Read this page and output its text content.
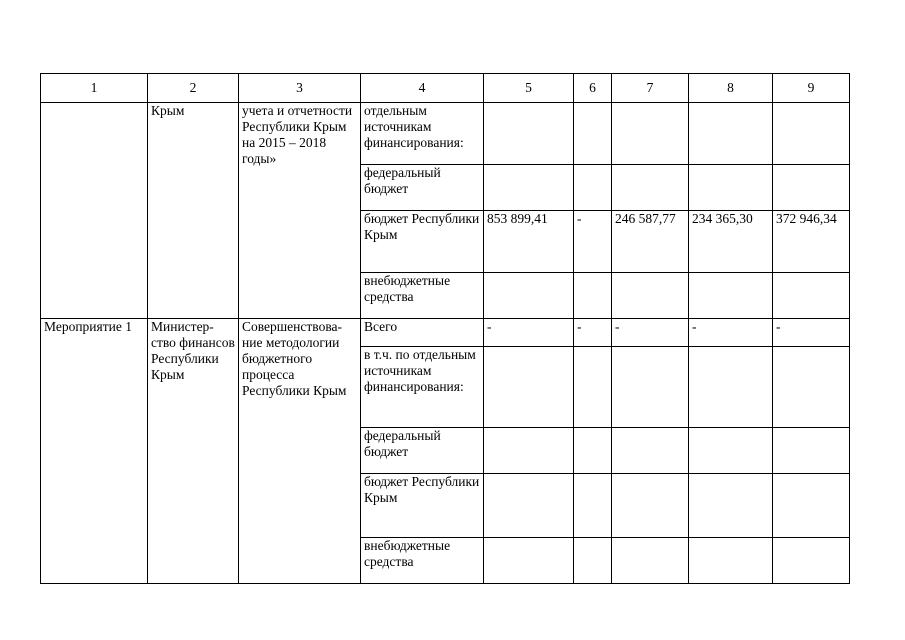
1	2	3	4	5	6	7	8	9
	Крым	учета и отчетности Республики Крым на 2015 – 2018 годы»	отдельным источникам финансирования:					
			федеральный бюджет					
			бюджет Республики Крым	853 899,41	-	246 587,77	234 365,30	372 946,34
			внебюджетные средства					
Мероприятие 1	Министер-ство финансов Республики Крым	Совершенствова-ние методологии бюджетного процесса Республики Крым	Всего	-	-	-	-	-
			в т.ч. по отдельным источникам финансирования:					
			федеральный бюджет					
			бюджет Республики Крым					
			внебюджетные средства					
